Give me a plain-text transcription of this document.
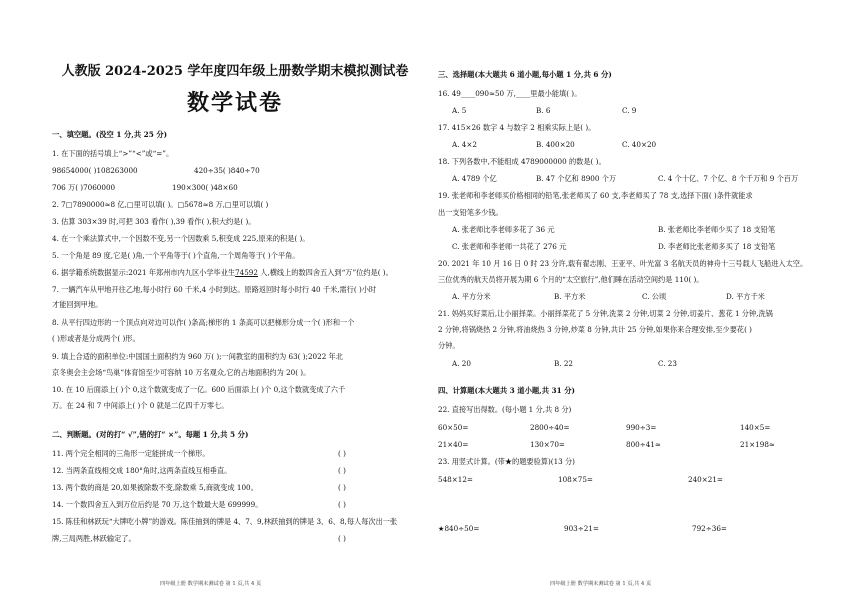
人教版 2024-2025 学年度四年级上册数学期末模拟测试卷
数学试卷
一、填空题。(没空 1 分,共 25 分)
1. 在下面的括号填上“>”“<”或“=”。
98654000( )108263000	420÷35( )840÷70
706 万( )7060000	190×300( )48×60
2. 7□7890000≈8 亿,□里可以填( )。□5678≈8 万,□里可以填( )
3. 估算 303×39 时,可把 303 看作( ),39 看作( ),积大约是( )。
4. 在一个乘法算式中,一个因数不变,另一个因数乘 5,积变成 225,原来的积是( )。
5. 一个角是 89 度,它是( )角,一个平角等于( )个直角,一个周角等于( )个平角。
6. 据学籍系统数据显示:2021 年郑州市内九区小学毕业生74592 人,横线上的数四舍五入到“万”位约是( )。
7. 一辆汽车从甲地开往乙地,每小时行 60 千米,4 小时到达。原路返回时每小时行 40 千米,需行( )小时
才能回到甲地。
8. 从平行四边形的一个顶点向对边可以作( )条高;梯形的 1 条高可以把梯形分成一个( )形和一个
( )形或者是分成两个( )形。
9. 填上合适的面积单位:中国国土面积约为 960 万( );一间教室的面积约为 63( );2022 年北
京冬奥会主会场“鸟巢”体育馆至少可容纳 10 万名观众,它的占地面积约为 20( )。
10. 在 10 后面添上( )个 0,这个数就变成了一亿。600 后面添上( )个 0,这个数就变成了六千
万。在 24 和 7 中间添上( )个 0 就是二亿四千万零七。
二、判断题。(对的打“ √”,错的打“ ×”。每题 1 分,共 5 分)
11. 两个完全相同的三角形一定能拼成一个梯形。	( )
12. 当两条直线相交成 180°角时,这两条直线互相垂直。	( )
13. 两个数的商是 20,如果被除数不变,除数乘 5,商就变成 100。	( )
14. 一个数四舍五入到万位后约是 70 万,这个数最大是 699999。	( )
15. 陈佳和林跃玩“大牌吃小牌”的游戏。陈佳抽到的牌是 4、7、9,林跃抽到的牌是 3、6、8,每人每次出一张
牌,三局两胜,林跃输定了。	( )
四年级上册 数学期末测试卷 第 1 页,共 4 页
三、选择题(本大题共 6 道小题,每小题 1 分,共 6 分)
16. 49____090≈50 万,____里最小能填( )。
A. 5	B. 6	C. 9
17. 415×26 数字 4 与数字 2 相乘实际上是( )。
A. 4×2	B. 400×20	C. 40×20
18. 下列各数中,不能组成 4789000000 的数是( )。
A. 4789 个亿	B. 47 个亿和 8900 个万	C. 4 个十亿、7 个亿、8 个千万和 9 个百万
19. 张老师和李老师买价格相同的铅笔,张老师买了 60 支,李老师买了 78 支,选择下面( )条件就能求
出一支铅笔多少钱。
A. 张老师比李老师多花了 36 元	B. 张老师比李老师少买了 18 支铅笔
C. 张老师和李老师一共花了 276 元	D. 李老师比张老师多买了 18 支铅笔
20. 2021 年 10 月 16 日 0 时 23 分许,载有翟志刚、王亚平、叶光富 3 名航天员的神舟十三号载人飞船进入太空。
三位优秀的航天员将开展为期 6 个月的“太空旅行”,他们睡在活动空间约是 110( )。
A. 平方分米	B. 平方米	C. 公顷	D. 平方千米
21. 妈妈买好菜后,让小丽择菜。小丽择菜花了 5 分钟,洗菜 2 分钟,切菜 2 分钟,切姜片、葱花 1 分钟,洗锅
2 分钟,将锅烧热 2 分钟,将油烧热 3 分钟,炒菜 8 分钟,共计 25 分钟,如果你来合理安排,至少要花( )
分钟。
A. 20	B. 22	C. 23
四、计算题(本大题共 3 道小题,共 31 分)
22. 直接写出得数。(每小题 1 分,共 8 分)
60×50=	2800÷40=	990÷3=	140×5=
21×40=	130×70=	800÷41≈	21×198≈
23. 用竖式计算。(带★的题要验算)(13 分)
548×12=	108×75=	240×21=
★840÷50=	903÷21=	792÷36=
四年级上册 数学期末测试卷 第 1 页,共 4 页
